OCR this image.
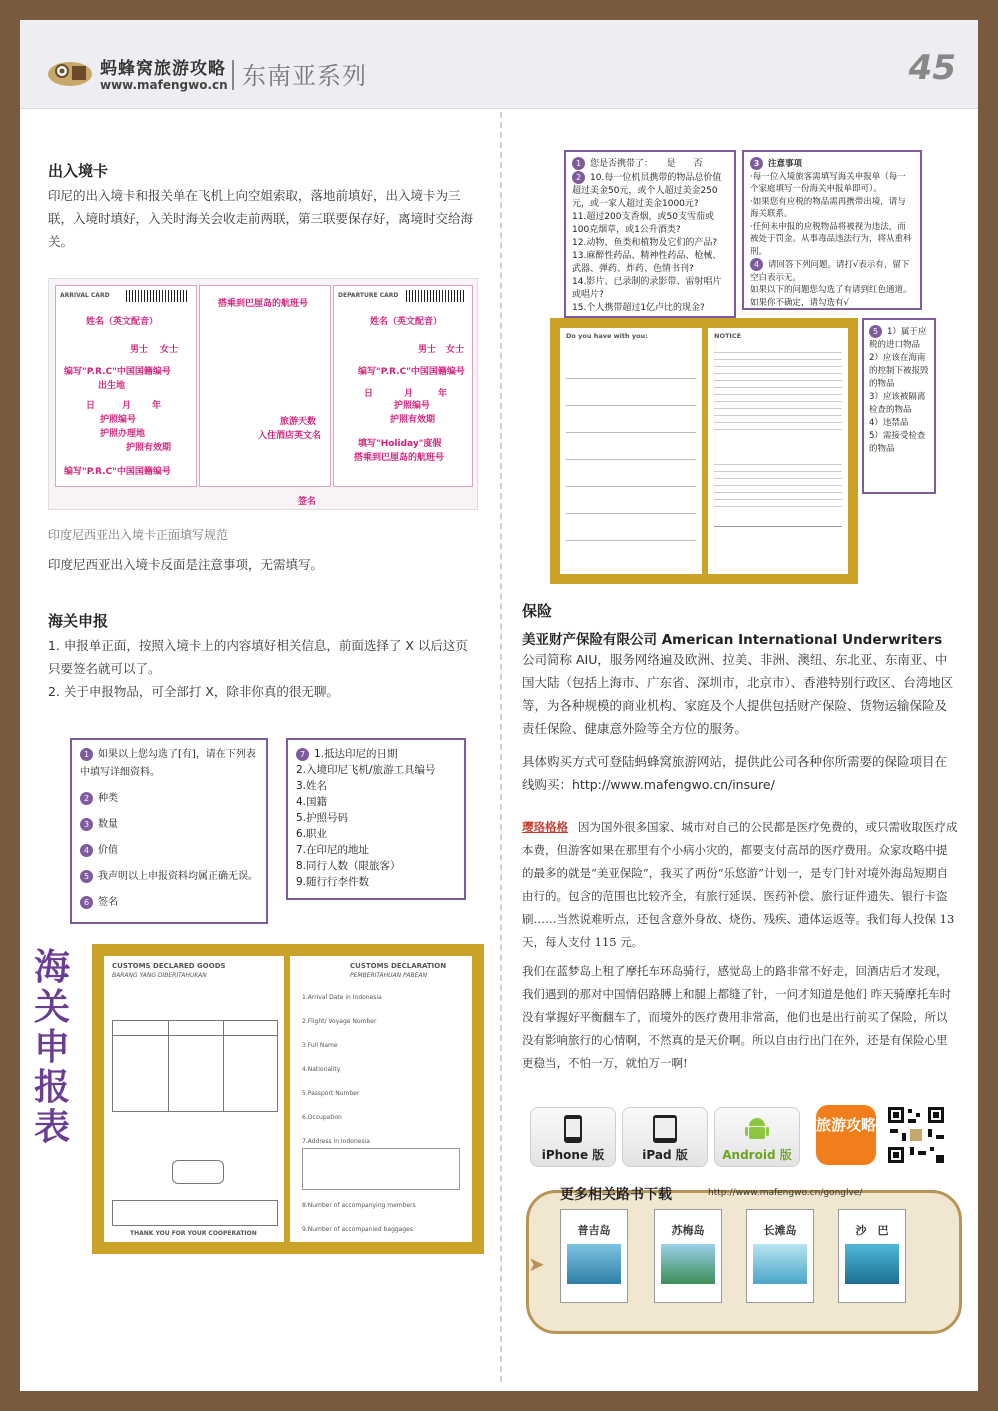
蚂蜂窝旅游攻略
www.mafengwo.cn 东南亚系列	45
出入境卡
印尼的出入境卡和报关单在飞机上向空姐索取，落地前填好，出入境卡为三联，入境时填好，入关时海关会收走前两联，第三联要保存好，离境时交给海关。
ARRIVAL CARD
姓名（英文配音）
男士 女士
编写"P.R.C"中国国籍编号
出生地
日	月 年
护照编号
护照办理地
护照有效期
编写"P.R.C"中国国籍编号
搭乘到巴厘岛的航班号
旅游天数
入住酒店英文名
签名
DEPARTURE CARD
姓名（英文配音）
男士 女士
编写"P.R.C"中国国籍编号
日	月	年
护照编号
护照有效期
填写"Holiday"度假
搭乘到巴厘岛的航班号
印度尼西亚出入境卡正面填写规范
印度尼西亚出入境卡反面是注意事项，无需填写。
海关申报
1. 申报单正面，按照入境卡上的内容填好相关信息，前面选择了 X 以后这页只要签名就可以了。
2. 关于申报物品，可全部打 X，除非你真的很无聊。
1 如果以上您勾选了[有]，请在下列表中填写详细资料。
2 种类
3 数量
4 价值
5 我声明以上申报资料均属正确无误。
6 签名
7 1.抵达印尼的日期
2.入境印尼飞机/旅游工具编号
3.姓名
4.国籍
5.护照号码
6.职业
7.在印尼的地址
8.同行人数（限旅客）
9.随行行李件数
海关申报表
CUSTOMS DECLARED GOODS
BARANG YANG DIBERITAHUKAN
THANK YOU FOR YOUR COOPERATION
CUSTOMS DECLARATION
PEMBERITAHUAN PABEAN
1.Arrival Date in Indonesia
2.Flight/ Voyage Number
3.Full Name
4.Nationality
5.Passport Number
6.Occupation
7.Address in Indonesia
8.Number of accompanying members
9.Number of accompanied baggages
1 您是否携带了：　　是　　否
2 10.每一位机员携带的物品总价值超过美金50元，或个人超过美金250元，或一家人超过美金1000元?
11.超过200支香烟，或50支雪茄或100克烟草，或1公升酒类?
12.动物、鱼类和植物及它们的产品?
13.麻醉性药品、精神性药品、枪械、武器、弹药、炸药、色情书刊?
14.影片、已录制的录影带、雷射唱片或唱片?
15.个人携带超过1亿卢比的现金?
3 注意事项
·每一位入境旅客需填写海关申报单（每一个家庭填写一份海关申报单即可）。
·如果您有应税的物品需再携带出境，请与海关联系。
·任何未申报的应税物品将被视为违法，而被处于罚金。从事毒品违法行为，将从重科刑。
4 请回答下列问题。请打√表示有，留下空白表示无。
如果以下的问题您勾选了有请到红色通道。
如果你不确定，请勾选有√
Do you have with you:	NOTICE	5 1）属于应税的进口物品
2）应该在海南的控制下被报毁的物品
3）应该被隔离检查的物品
4）违禁品
5）需接受检查的物品
保险
美亚财产保险有限公司 American International Underwriters
公司简称 AIU，服务网络遍及欧洲、拉美、非洲、澳纽、东北亚、东南亚、中国大陆（包括上海市、广东省、深圳市，北京市）、香港特别行政区、台湾地区等，为各种规模的商业机构、家庭及个人提供包括财产保险、货物运输保险及责任保险、健康意外险等全方位的服务。
具体购买方式可登陆蚂蜂窝旅游网站，提供此公司各种你所需要的保险项目在线购买：http://www.mafengwo.cn/insure/
璎珞格格 因为国外很多国家、城市对自己的公民都是医疗免费的，或只需收取医疗成本费，但游客如果在那里有个小病小灾的，都要支付高昂的医疗费用。众家攻略中提的最多的就是“美亚保险”，我买了两份“乐悠游”计划一，是专门针对境外海岛短期自由行的。包含的范围也比较齐全，有旅行延误、医药补偿、旅行证件遗失、银行卡盗刷……当然说难听点，还包含意外身故、烧伤、残疾、遗体运返等。我们每人投保 13 天，每人支付 115 元。
我们在蓝梦岛上租了摩托车环岛骑行，感觉岛上的路非常不好走，回酒店后才发现，我们遇到的那对中国情侣路膊上和腿上都缝了针，一问才知道是他们 昨天骑摩托车时没有掌握好平衡翻车了，而境外的医疗费用非常高，他们也是出行前买了保险，所以没有影响旅行的心情啊，不然真的是天价啊。所以自由行出门在外，还是有保险心里更稳当，不怕一万，就怕万一啊!
iPhone 版	iPad 版	Android 版
旅游攻略
更多相关路书下载	http://www.mafengwo.cn/gonglve/
➤
普吉岛	苏梅岛	长滩岛	沙　巴
